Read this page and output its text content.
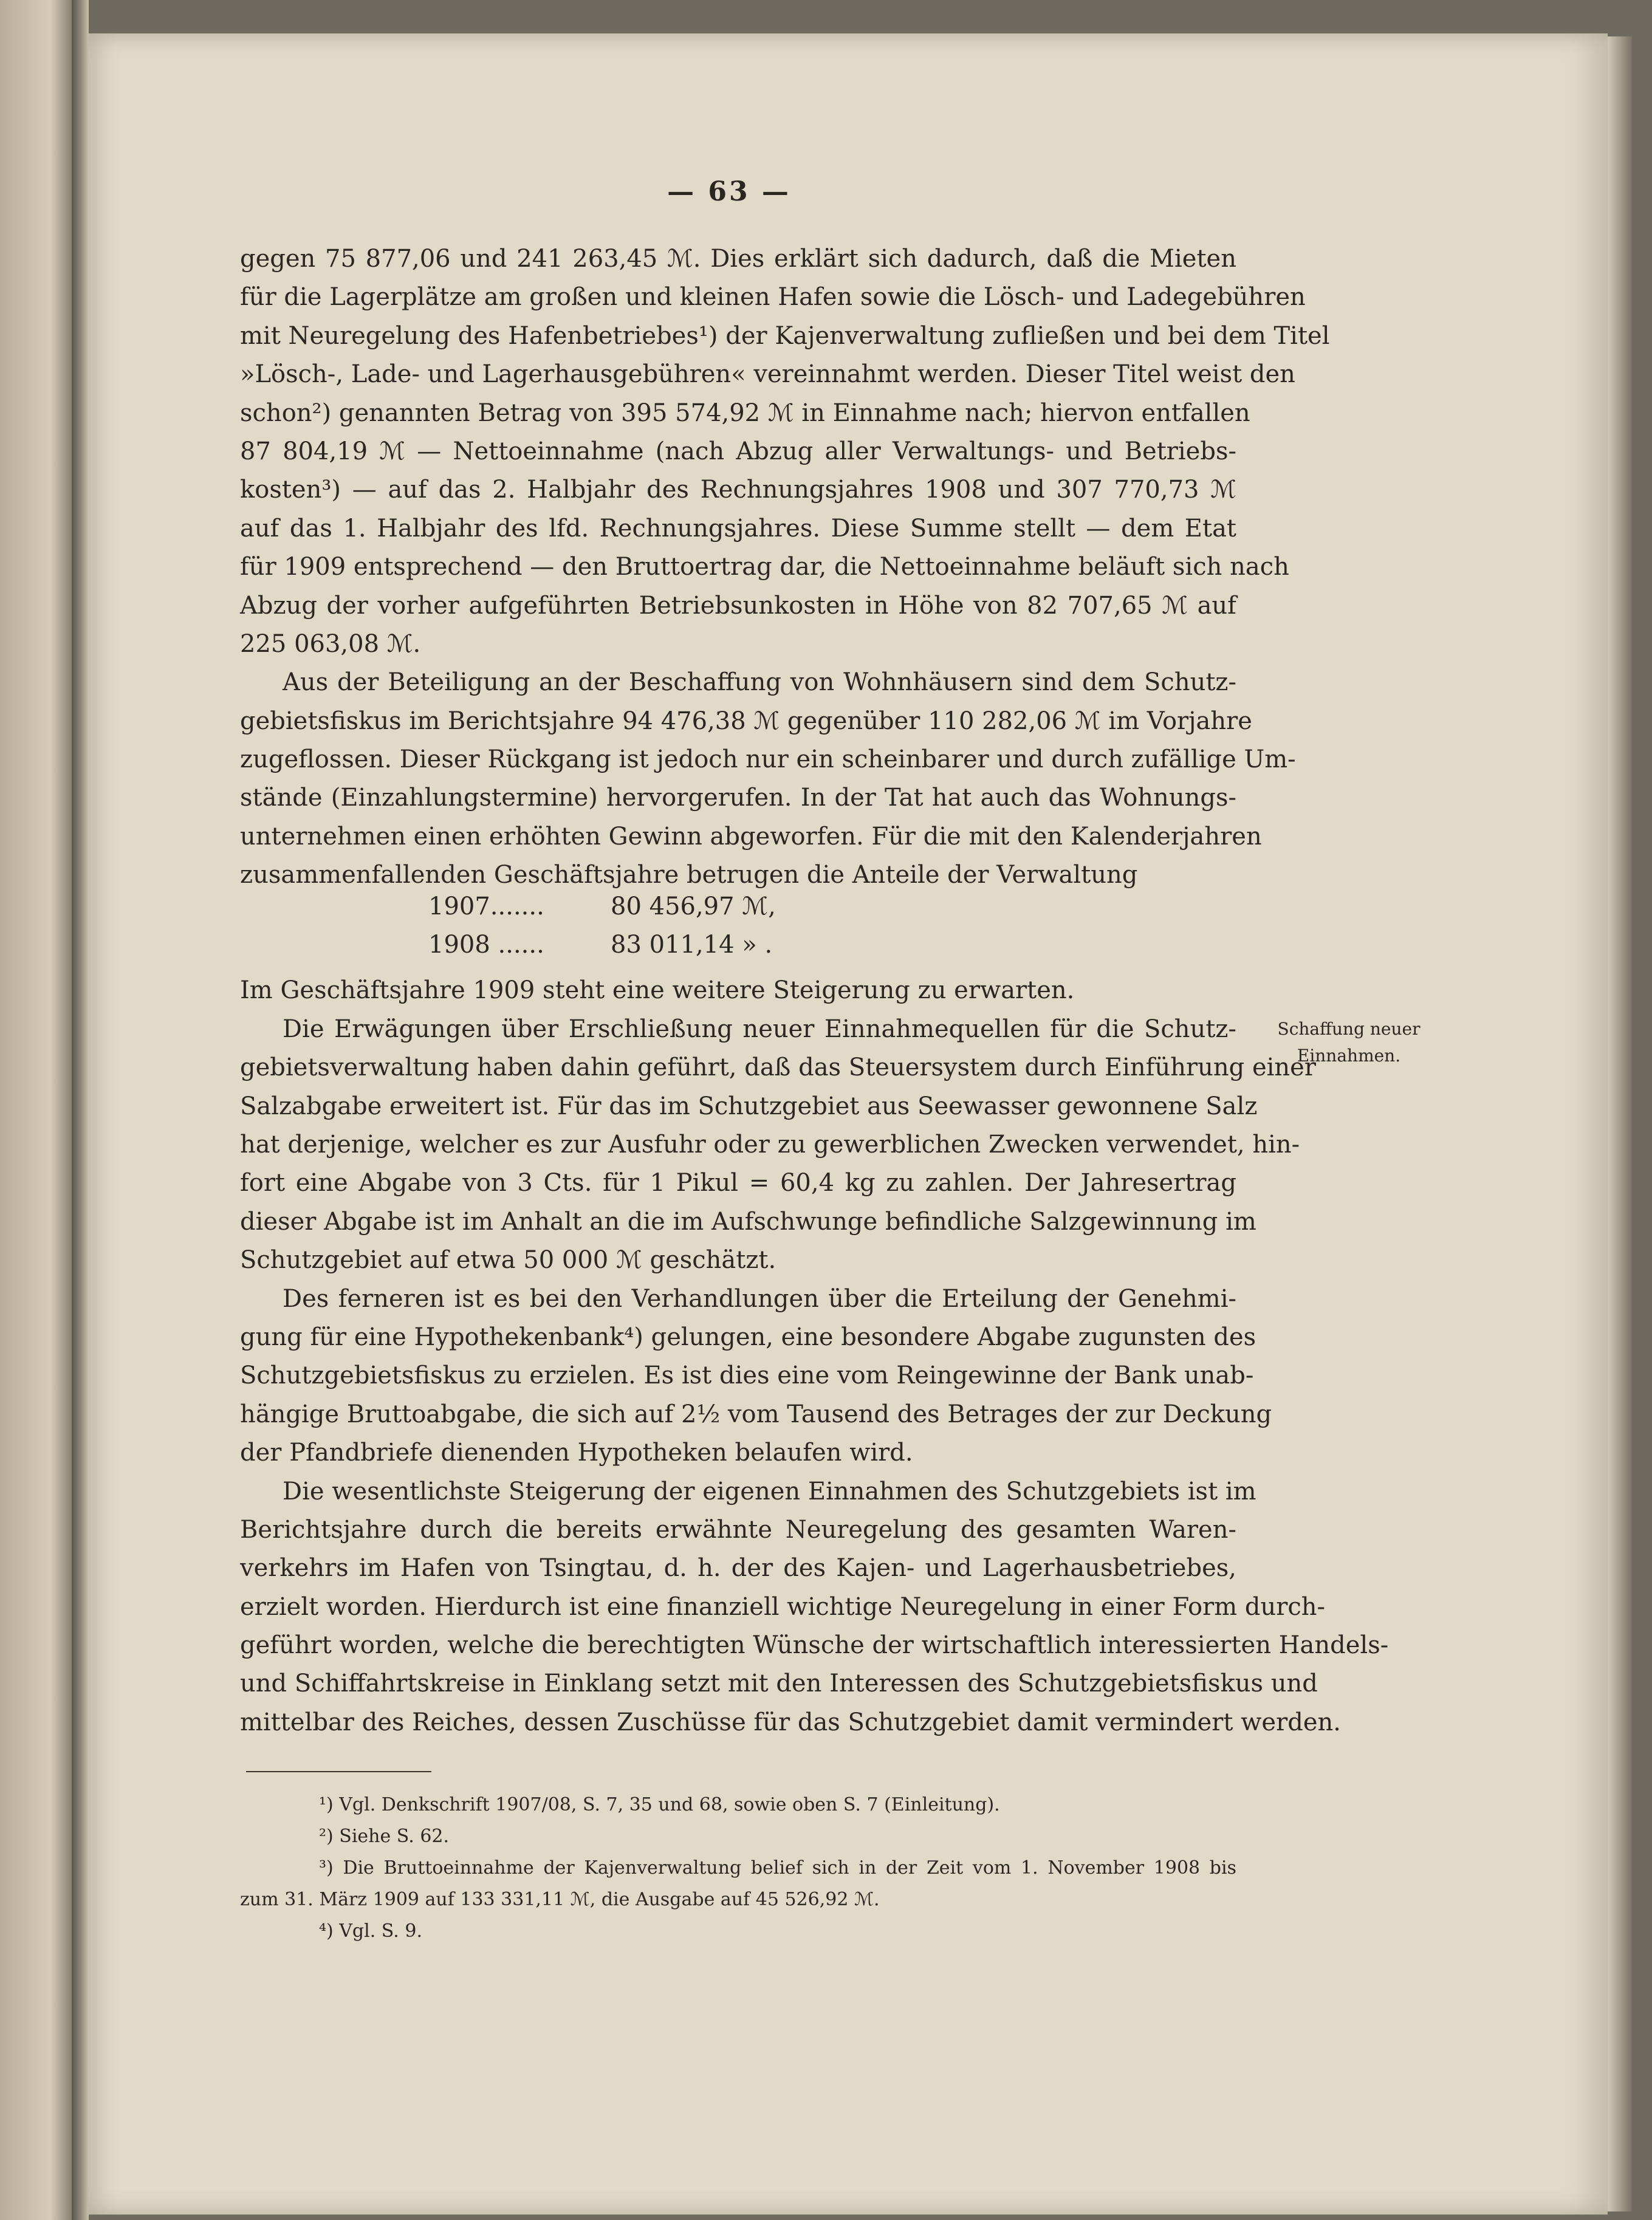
— 63 —
gegen 75 877,06 und 241 263,45 ℳ. Dies erklärt sich dadurch, daß die Mieten
für die Lagerplätze am großen und kleinen Hafen sowie die Lösch- und Ladegebühren
mit Neuregelung des Hafenbetriebes¹) der Kajenverwaltung zufließen und bei dem Titel
»Lösch-, Lade- und Lagerhausgebühren« vereinnahmt werden. Dieser Titel weist den
schon²) genannten Betrag von 395 574,92 ℳ in Einnahme nach; hiervon entfallen
87 804,19 ℳ — Nettoeinnahme (nach Abzug aller Verwaltungs- und Betriebs-
kosten³) — auf das 2. Halbjahr des Rechnungsjahres 1908 und 307 770,73 ℳ
auf das 1. Halbjahr des lfd. Rechnungsjahres. Diese Summe stellt — dem Etat
für 1909 entsprechend — den Bruttoertrag dar, die Nettoeinnahme beläuft sich nach
Abzug der vorher aufgeführten Betriebsunkosten in Höhe von 82 707,65 ℳ auf
225 063,08 ℳ.
Aus der Beteiligung an der Beschaffung von Wohnhäusern sind dem Schutz-
gebietsfiskus im Berichtsjahre 94 476,38 ℳ gegenüber 110 282,06 ℳ im Vorjahre
zugeflossen. Dieser Rückgang ist jedoch nur ein scheinbarer und durch zufällige Um-
stände (Einzahlungstermine) hervorgerufen. In der Tat hat auch das Wohnungs-
unternehmen einen erhöhten Gewinn abgeworfen. Für die mit den Kalenderjahren
zusammenfallenden Geschäftsjahre betrugen die Anteile der Verwaltung
Im Geschäftsjahre 1909 steht eine weitere Steigerung zu erwarten.
Die Erwägungen über Erschließung neuer Einnahmequellen für die Schutz-
gebietsverwaltung haben dahin geführt, daß das Steuersystem durch Einführung einer
Salzabgabe erweitert ist. Für das im Schutzgebiet aus Seewasser gewonnene Salz
hat derjenige, welcher es zur Ausfuhr oder zu gewerblichen Zwecken verwendet, hin-
fort eine Abgabe von 3 Cts. für 1 Pikul = 60,4 kg zu zahlen. Der Jahresertrag
dieser Abgabe ist im Anhalt an die im Aufschwunge befindliche Salzgewinnung im
Schutzgebiet auf etwa 50 000 ℳ geschätzt.
Des ferneren ist es bei den Verhandlungen über die Erteilung der Genehmi-
gung für eine Hypothekenbank⁴) gelungen, eine besondere Abgabe zugunsten des
Schutzgebietsfiskus zu erzielen. Es ist dies eine vom Reingewinne der Bank unab-
hängige Bruttoabgabe, die sich auf 2½ vom Tausend des Betrages der zur Deckung
der Pfandbriefe dienenden Hypotheken belaufen wird.
Die wesentlichste Steigerung der eigenen Einnahmen des Schutzgebiets ist im
Berichtsjahre durch die bereits erwähnte Neuregelung des gesamten Waren-
verkehrs im Hafen von Tsingtau, d. h. der des Kajen- und Lagerhausbetriebes,
erzielt worden. Hierdurch ist eine finanziell wichtige Neuregelung in einer Form durch-
geführt worden, welche die berechtigten Wünsche der wirtschaftlich interessierten Handels-
und Schiffahrtskreise in Einklang setzt mit den Interessen des Schutzgebietsfiskus und
mittelbar des Reiches, dessen Zuschüsse für das Schutzgebiet damit vermindert werden.
1907.......	80 456,97 ℳ,
1908 ......	83 011,14 » .
Schaffung neuer
Einnahmen.
¹) Vgl. Denkschrift 1907/08, S. 7, 35 und 68, sowie oben S. 7 (Einleitung).
²) Siehe S. 62.
³) Die Bruttoeinnahme der Kajenverwaltung belief sich in der Zeit vom 1. November 1908 bis
zum 31. März 1909 auf 133 331,11 ℳ, die Ausgabe auf 45 526,92 ℳ.
⁴) Vgl. S. 9.
